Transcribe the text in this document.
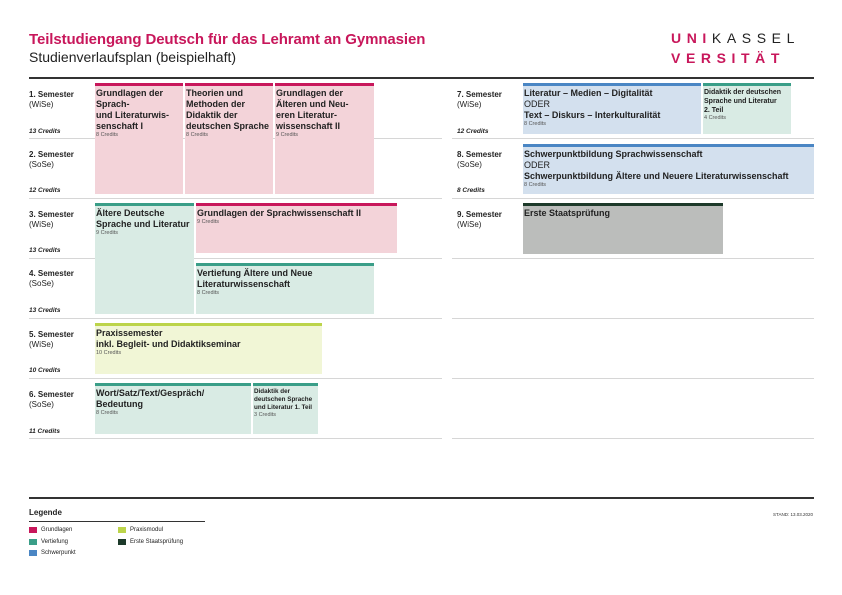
Teilstudiengang Deutsch für das Lehramt an Gymnasien
Studienverlaufsplan (beispielhaft)
UNIKASSEL
VERSITÄT
1. Semester
(WiSe)
13 Credits
2. Semester
(SoSe)
12 Credits
3. Semester
(WiSe)
13 Credits
4. Semester
(SoSe)
13 Credits
5. Semester
(WiSe)
10 Credits
6. Semester
(SoSe)
11 Credits
7. Semester
(WiSe)
12 Credits
8. Semester
(SoSe)
8 Credits
9. Semester
(WiSe)
Grundlagen der
Sprach-
und Literaturwis-
senschaft I
8 Credits
Theorien und
Methoden der
Didaktik der
deutschen Sprache
8 Credits
Grundlagen der
Älteren und Neu-
eren Literatur-
wissenschaft II
9 Credits
Ältere Deutsche
Sprache und Literatur
9 Credits
Grundlagen der Sprachwissenschaft II
9 Credits
Vertiefung Ältere und Neue
Literaturwissenschaft
8 Credits
Praxissemester
inkl. Begleit- und Didaktikseminar
10 Credits
Wort/Satz/Text/Gespräch/
Bedeutung
8 Credits
Didaktik der
deutschen Sprache
und Literatur 1. Teil
3 Credits
Literatur – Medien – Digitalität
ODER
Text – Diskurs – Interkulturalität
8 Credits
Didaktik der deutschen
Sprache und Literatur
2. Teil
4 Credits
Schwerpunktbildung Sprachwissenschaft
ODER
Schwerpunktbildung Ältere und Neuere Literaturwissenschaft
8 Credits
Erste Staatsprüfung
Legende
Grundlagen
Vertiefung
Schwerpunkt
Praxismodul
Erste Staatsprüfung
STAND: 13.03.2020
